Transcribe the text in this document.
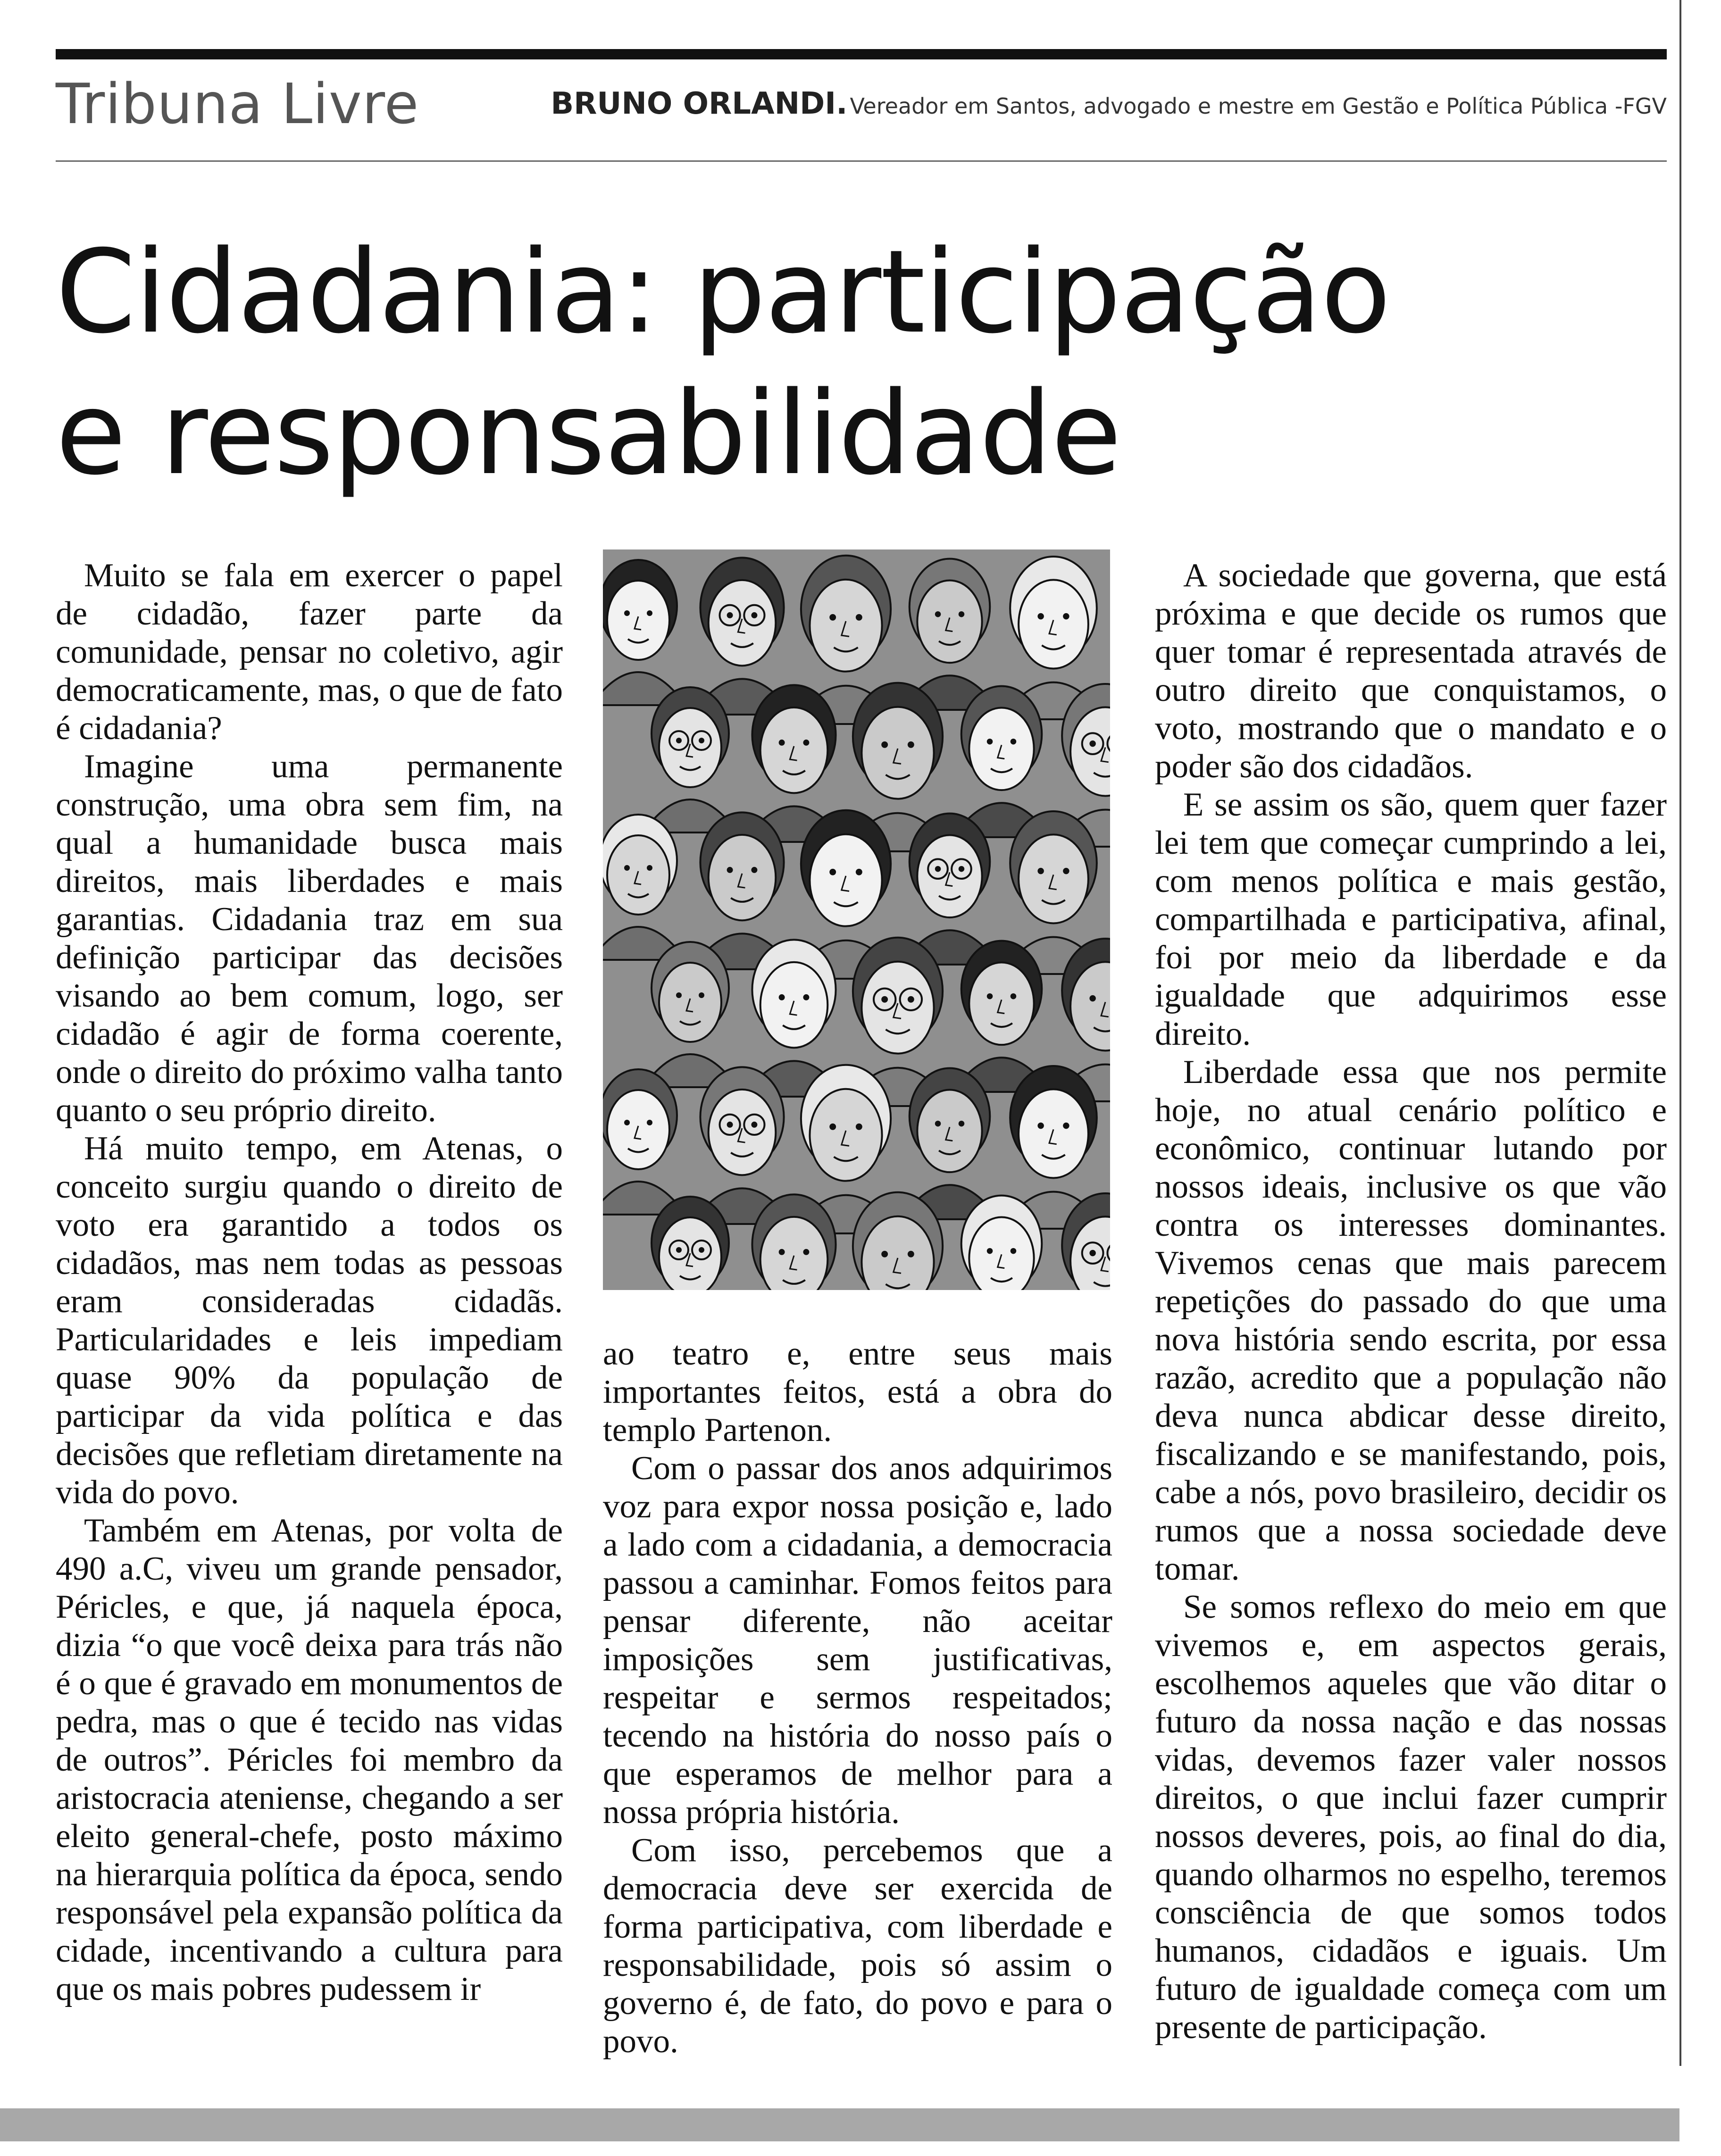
Tribuna Livre	BRUNO ORLANDI. Vereador em Santos, advogado e mestre em Gestão e Política Pública -FGV
Cidadania: participação
e responsabilidade

Muito se fala em exercer o papel de cidadão, fazer parte da comunidade, pensar no coletivo, agir democraticamente, mas, o que de fato é cidadania?

Imagine uma permanente construção, uma obra sem fim, na qual a humanidade busca mais direitos, mais liberdades e mais garantias. Cidadania traz em sua definição participar das decisões visando ao bem comum, logo, ser cidadão é agir de forma coerente, onde o direito do próximo valha tanto quanto o seu próprio direito.

Há muito tempo, em Atenas, o conceito surgiu quando o direito de voto era garantido a todos os cidadãos, mas nem todas as pessoas eram consideradas cidadãs. Particularidades e leis impediam quase 90% da população de participar da vida política e das decisões que refletiam diretamente na vida do povo.

Também em Atenas, por volta de 490 a.C, viveu um grande pensador, Péricles, e que, já naquela época, dizia “o que você deixa para trás não é o que é gravado em monumentos de pedra, mas o que é tecido nas vidas de outros”. Péricles foi membro da aristocracia ateniense, chegando a ser eleito general-chefe, posto máximo na hierarquia política da época, sendo responsável pela expansão política da cidade, incentivando a cultura para que os mais pobres pudessem ir

ao teatro e, entre seus mais importantes feitos, está a obra do templo Partenon.

Com o passar dos anos adquirimos voz para expor nossa posição e, lado a lado com a cidadania, a democracia passou a caminhar. Fomos feitos para pensar diferente, não aceitar imposições sem justificativas, respeitar e sermos respeitados; tecendo na história do nosso país o que esperamos de melhor para a nossa própria história.

Com isso, percebemos que a democracia deve ser exercida de forma participativa, com liberdade e responsabilidade, pois só assim o governo é, de fato, do povo e para o povo.

A sociedade que governa, que está próxima e que decide os rumos que quer tomar é representada através de outro direito que conquistamos, o voto, mostrando que o mandato e o poder são dos cidadãos.

E se assim os são, quem quer fazer lei tem que começar cumprindo a lei, com menos política e mais gestão, compartilhada e participativa, afinal, foi por meio da liberdade e da igualdade que adquirimos esse direito.

Liberdade essa que nos permite hoje, no atual cenário político e econômico, continuar lutando por nossos ideais, inclusive os que vão contra os interesses dominantes. Vivemos cenas que mais parecem repetições do passado do que uma nova história sendo escrita, por essa razão, acredito que a população não deva nunca abdicar desse direito, fiscalizando e se manifestando, pois, cabe a nós, povo brasileiro, decidir os rumos que a nossa sociedade deve tomar.

Se somos reflexo do meio em que vivemos e, em aspectos gerais, escolhemos aqueles que vão ditar o futuro da nossa nação e das nossas vidas, devemos fazer valer nossos direitos, o que inclui fazer cumprir nossos deveres, pois, ao final do dia, quando olharmos no espelho, teremos consciência de que somos todos humanos, cidadãos e iguais. Um futuro de igualdade começa com um presente de participação.
